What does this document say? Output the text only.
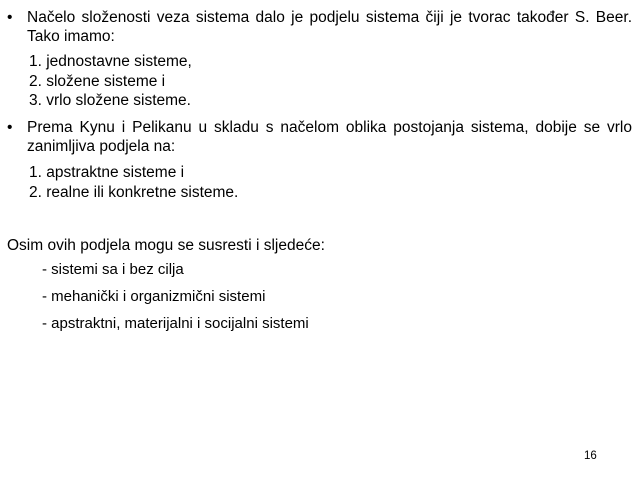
• Načelo složenosti veza sistema dalo je podjelu sistema čiji je tvorac također S. Beer. Tako imamo:
1. jednostavne sisteme,
2. složene sisteme i
3. vrlo složene sisteme.
• Prema Kynu i Pelikanu u skladu s načelom oblika postojanja sistema, dobije se vrlo zanimljiva podjela na:
1. apstraktne sisteme i
2. realne ili konkretne sisteme.
Osim ovih podjela mogu se susresti i sljedeće:
- sistemi sa i bez cilja
- mehanički i organizmični sistemi
- apstraktni, materijalni i socijalni sistemi
16
